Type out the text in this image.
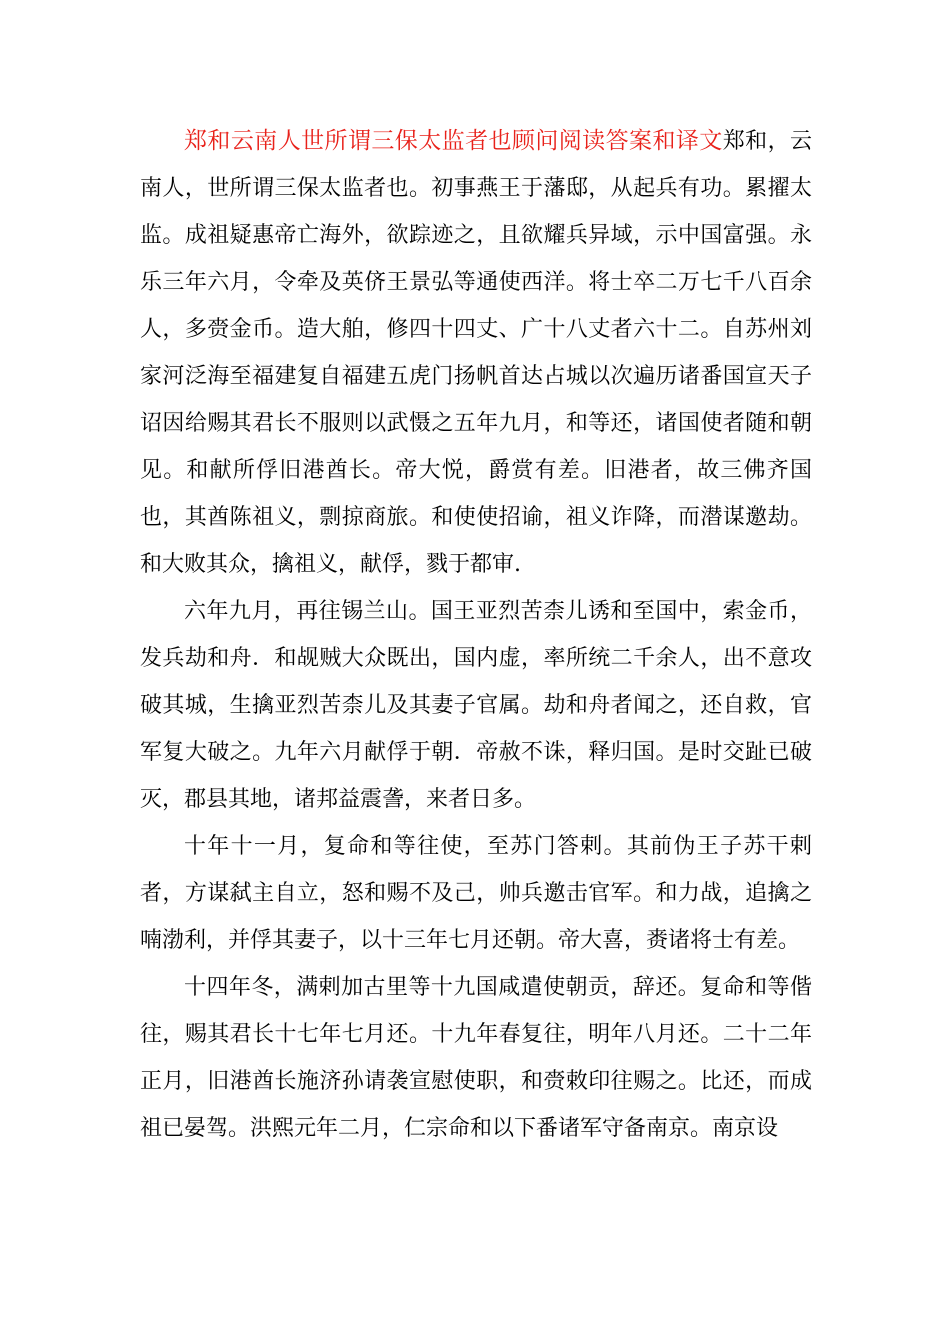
郑和云南人世所谓三保太监者也顾问阅读答案和译文郑和，云南人，世所谓三保太监者也。初事燕王于藩邸，从起兵有功。累擢太监。成祖疑惠帝亡海外，欲踪迹之，且欲耀兵异域，示中国富强。永乐三年六月，令牵及英侪王景弘等通使西洋。将士卒二万七千八百余人，多赍金币。造大舶，修四十四丈、广十八丈者六十二。自苏州刘家河泛海至福建复自福建五虎门扬帆首达占城以次遍历诸番国宣天子诏因给赐其君长不服则以武慑之五年九月，和等还，诸国使者随和朝见。和献所俘旧港酋长。帝大悦，爵赏有差。旧港者，故三佛齐国也，其酋陈祖义，剽掠商旅。和使使招谕，祖义诈降，而潜谋邀劫。和大败其众，擒祖义，献俘，戮于都审.

六年九月，再往锡兰山。国王亚烈苦柰儿诱和至国中，索金币，发兵劫和舟．和觇贼大众既出，国内虚，率所统二千余人，出不意攻破其城，生擒亚烈苦柰儿及其妻子官属。劫和舟者闻之，还自救，官军复大破之。九年六月献俘于朝．帝赦不诛，释归国。是时交趾已破灭，郡县其地，诸邦益震詟，来者日多。

十年十一月，复命和等往使，至苏门答剌。其前伪王子苏干剌者，方谋弑主自立，怒和赐不及己，帅兵邀击官军。和力战，追擒之喃渤利，并俘其妻子，以十三年七月还朝。帝大喜，赉诸将士有差。

十四年冬，满剌加古里等十九国咸遣使朝贡，辞还。复命和等偕往，赐其君长十七年七月还。十九年春复往，明年八月还。二十二年正月，旧港酋长施济孙请袭宣慰使职，和赍敕印往赐之。比还，而成祖已晏驾。洪熙元年二月，仁宗命和以下番诸军守备南京。南京设
